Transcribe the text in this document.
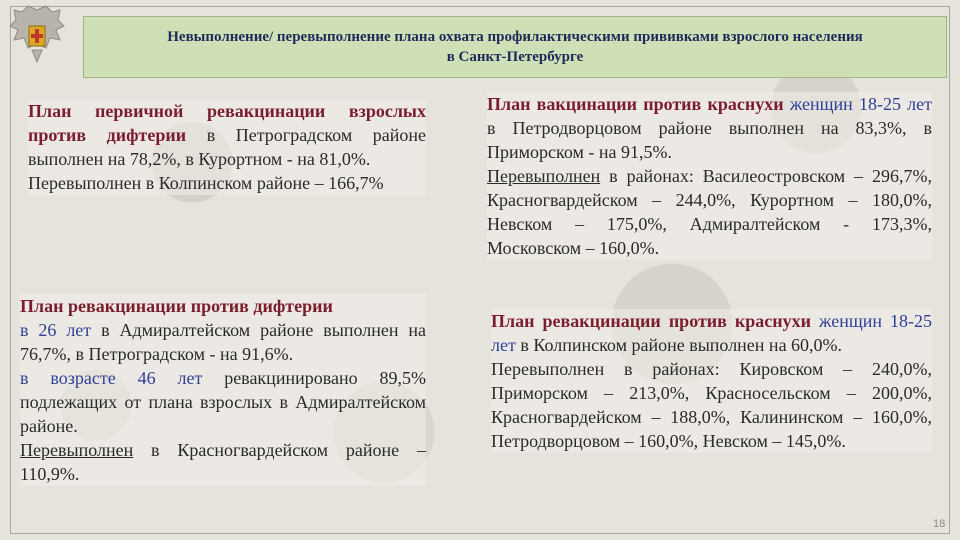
Невыполнение/ перевыполнение плана охвата профилактическими прививками взрослого населения
в Санкт-Петербурге

План первичной ревакцинации взрослых против дифтерии в Петроградском районе выполнен на 78,2%, в Курортном - на 81,0%.

Перевыполнен в Колпинском районе – 166,7%

План ревакцинации против дифтерии

в 26 лет в Адмиралтейском районе выполнен на 76,7%, в Петроградском - на 91,6%.

в возрасте 46 лет ревакцинировано 89,5% подлежащих от плана взрослых в Адмиралтейском районе.

Перевыполнен в Красногвардейском районе – 110,9%.

План вакцинации против краснухи женщин 18-25 лет в Петродворцовом районе выполнен на 83,3%, в Приморском - на 91,5%.

Перевыполнен в районах: Василеостровском – 296,7%, Красногвардейском – 244,0%, Курортном – 180,0%, Невском – 175,0%, Адмиралтейском - 173,3%, Московском – 160,0%.

План ревакцинации против краснухи женщин 18-25 лет в Колпинском районе выполнен на 60,0%.

Перевыполнен в районах: Кировском – 240,0%, Приморском – 213,0%, Красносельском – 200,0%, Красногвардейском – 188,0%, Калининском – 160,0%, Петродворцовом – 160,0%, Невском – 145,0%.

18
